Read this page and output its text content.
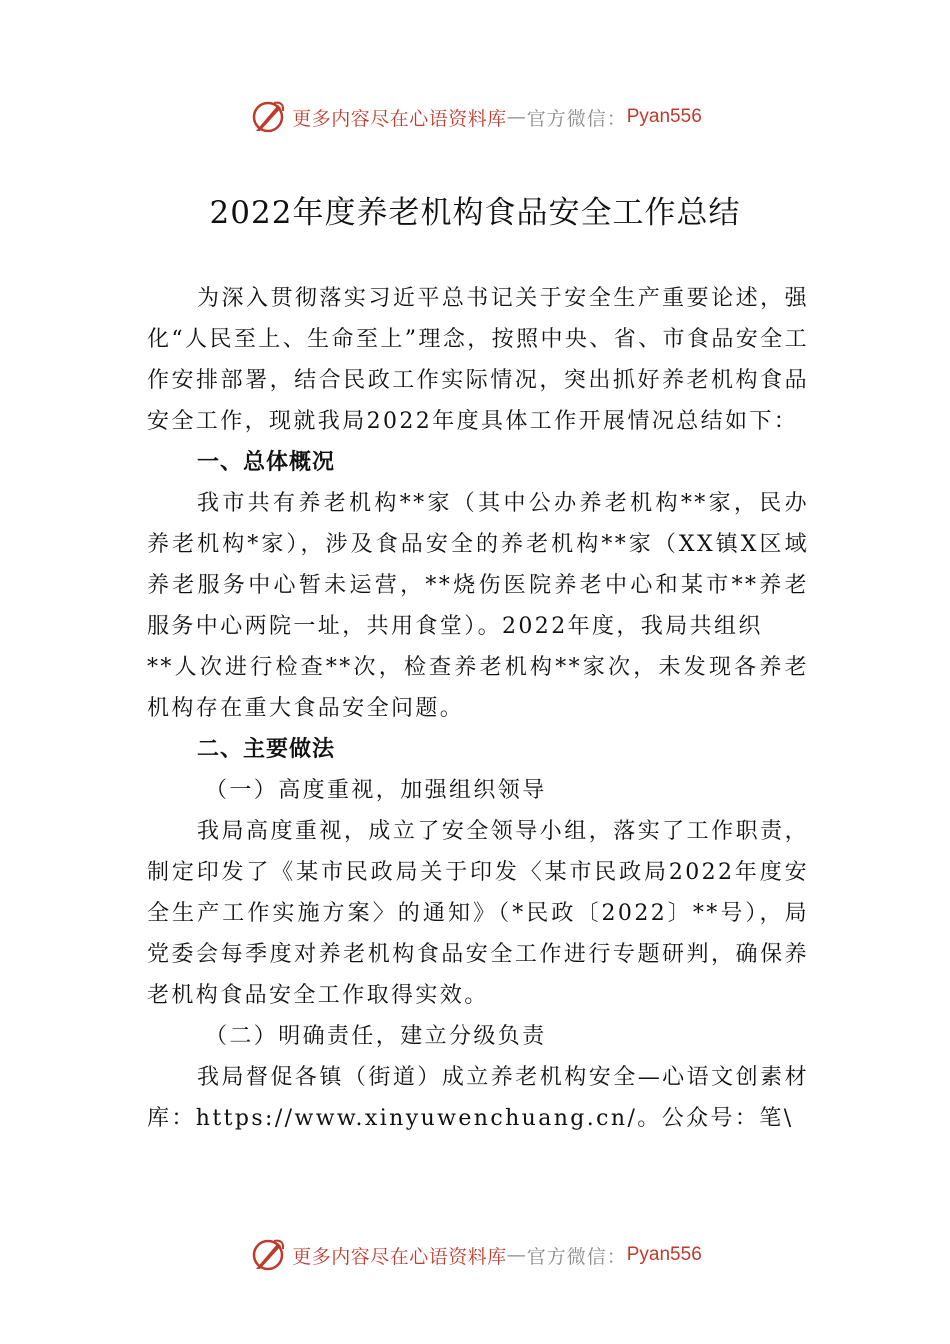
更多内容尽在心语资料库 — 官方微信： Pyan556
2022年度养老机构食品安全工作总结

为深入贯彻落实习近平总书记关于安全生产重要论述，强化“人民至上、生命至上”理念，按照中央、省、市食品安全工作安排部署，结合民政工作实际情况，突出抓好养老机构食品安全工作，现就我局2022年度具体工作开展情况总结如下：

一、总体概况

我市共有养老机构**家（其中公办养老机构**家，民办养老机构*家），涉及食品安全的养老机构**家（XX镇X区域养老服务中心暂未运营，**烧伤医院养老中心和某市**养老服务中心两院一址，共用食堂）。2022年度，我局共组织

**人次进行检查**次，检查养老机构**家次，未发现各养老机构存在重大食品安全问题。

二、主要做法

（一）高度重视，加强组织领导

我局高度重视，成立了安全领导小组，落实了工作职责，制定印发了《某市民政局关于印发〈某市民政局2022年度安全生产工作实施方案〉的通知》（*民政〔2022〕**号），局党委会每季度对养老机构食品安全工作进行专题研判，确保养老机构食品安全工作取得实效。

（二）明确责任，建立分级负责

我局督促各镇（街道）成立养老机构安全—心语文创素材库：https://www.xinyuwenchuang.cn/。公众号：笔\

更多内容尽在心语资料库 — 官方微信： Pyan556
